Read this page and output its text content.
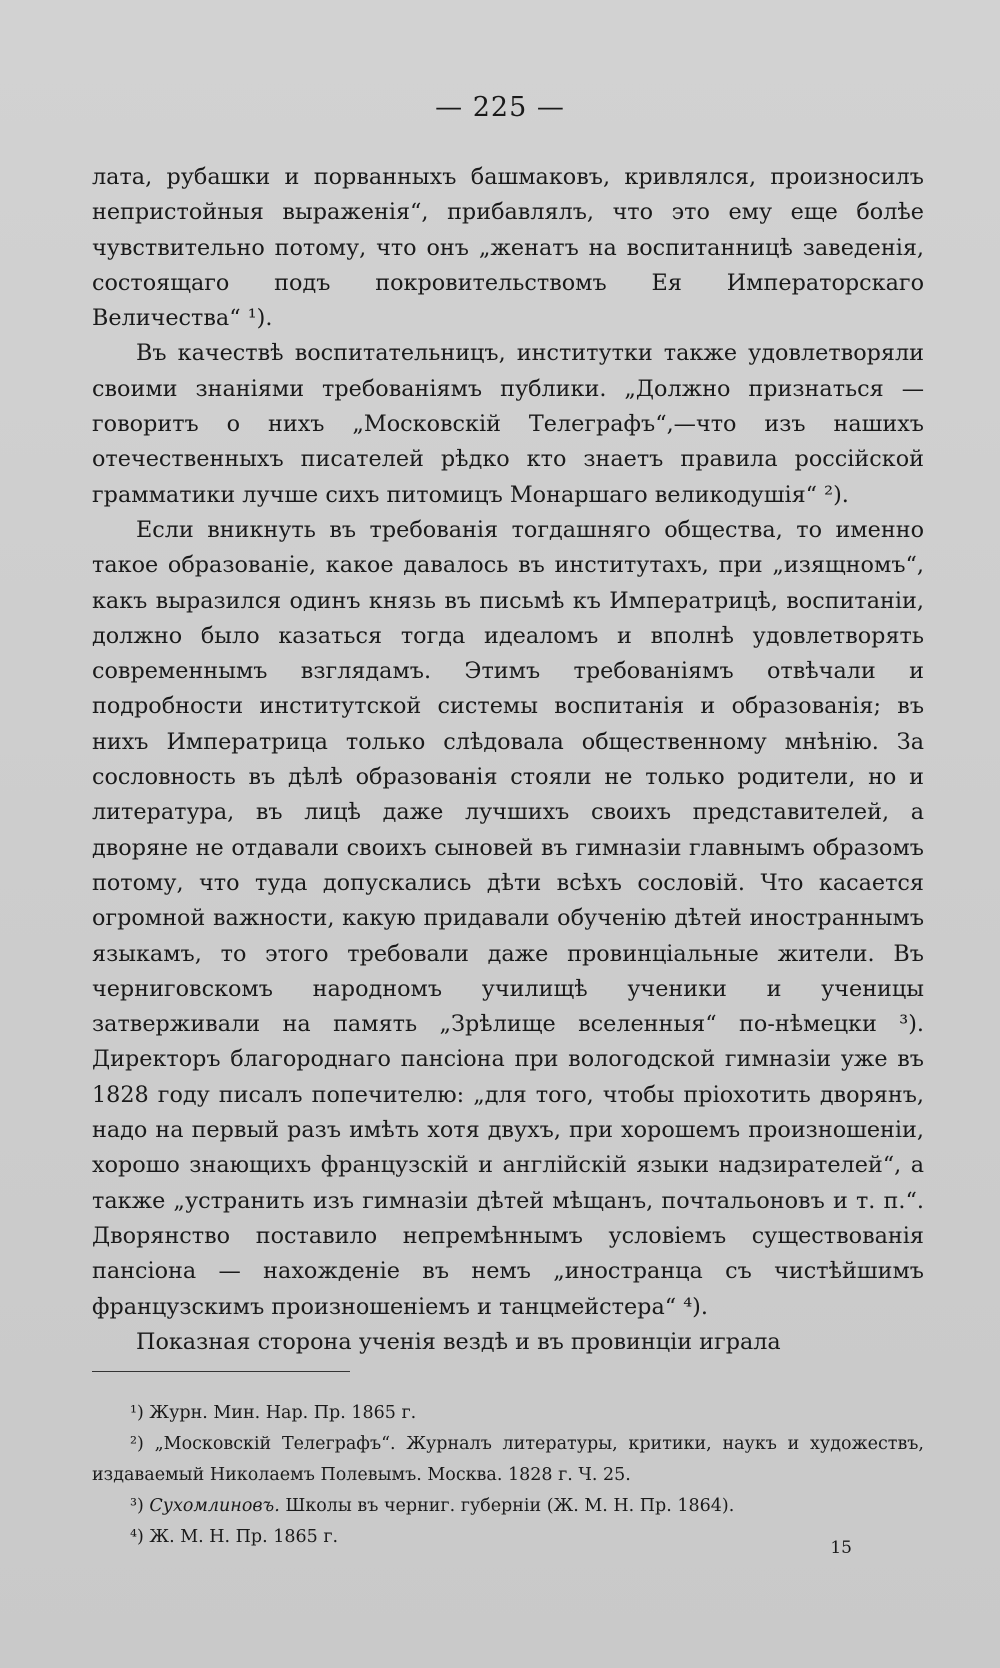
— 225 —

лата, рубашки и порванныхъ башмаковъ, кривлялся, произносилъ непристойныя выраженія“, прибавлялъ, что это ему еще болѣе чувствительно потому, что онъ „женатъ на воспитанницѣ заведенія, состоящаго подъ покровительствомъ Ея Императорскаго Величества“ ¹).

Въ качествѣ воспитательницъ, институтки также удовлетворяли своими знаніями требованіямъ публики. „Должно признаться —говоритъ о нихъ „Московскій Телеграфъ“,—что изъ нашихъ отечественныхъ писателей рѣдко кто знаетъ правила россійской грамматики лучше сихъ питомицъ Монаршаго великодушія“ ²).

Если вникнуть въ требованія тогдашняго общества, то именно такое образованіе, какое давалось въ институтахъ, при „изящномъ“, какъ выразился одинъ князь въ письмѣ къ Императрицѣ, воспитаніи, должно было казаться тогда идеаломъ и вполнѣ удовлетворять современнымъ взглядамъ. Этимъ требованіямъ отвѣчали и подробности институтской системы воспитанія и образованія; въ нихъ Императрица только слѣдовала общественному мнѣнію. За сословность въ дѣлѣ образованія стояли не только родители, но и литература, въ лицѣ даже лучшихъ своихъ представителей, а дворяне не отдавали своихъ сыновей въ гимназіи главнымъ образомъ потому, что туда допускались дѣти всѣхъ сословій. Что касается огромной важности, какую придавали обученію дѣтей иностраннымъ языкамъ, то этого требовали даже провинціальные жители. Въ черниговскомъ народномъ училищѣ ученики и ученицы затверживали на память „Зрѣлище вселенныя“ по-нѣмецки ³). Директоръ благороднаго пансіона при вологодской гимназіи уже въ 1828 году писалъ попечителю: „для того, чтобы пріохотить дворянъ, надо на первый разъ имѣть хотя двухъ, при хорошемъ произношеніи, хорошо знающихъ французскій и англійскій языки надзирателей“, а также „устранить изъ гимназіи дѣтей мѣщанъ, почтальоновъ и т. п.“. Дворянство поставило непремѣннымъ условіемъ существованія пансіона — нахожденіе въ немъ „иностранца съ чистѣйшимъ французскимъ произношеніемъ и танцмейстера“ ⁴).

Показная сторона ученія вездѣ и въ провинціи играла

¹) Журн. Мин. Нар. Пр. 1865 г.

²) „Московскій Телеграфъ“. Журналъ литературы, критики, наукъ и художествъ, издаваемый Николаемъ Полевымъ. Москва. 1828 г. Ч. 25.

³) Сухомлиновъ. Школы въ черниг. губерніи (Ж. М. Н. Пр. 1864).

⁴) Ж. М. Н. Пр. 1865 г.

15
